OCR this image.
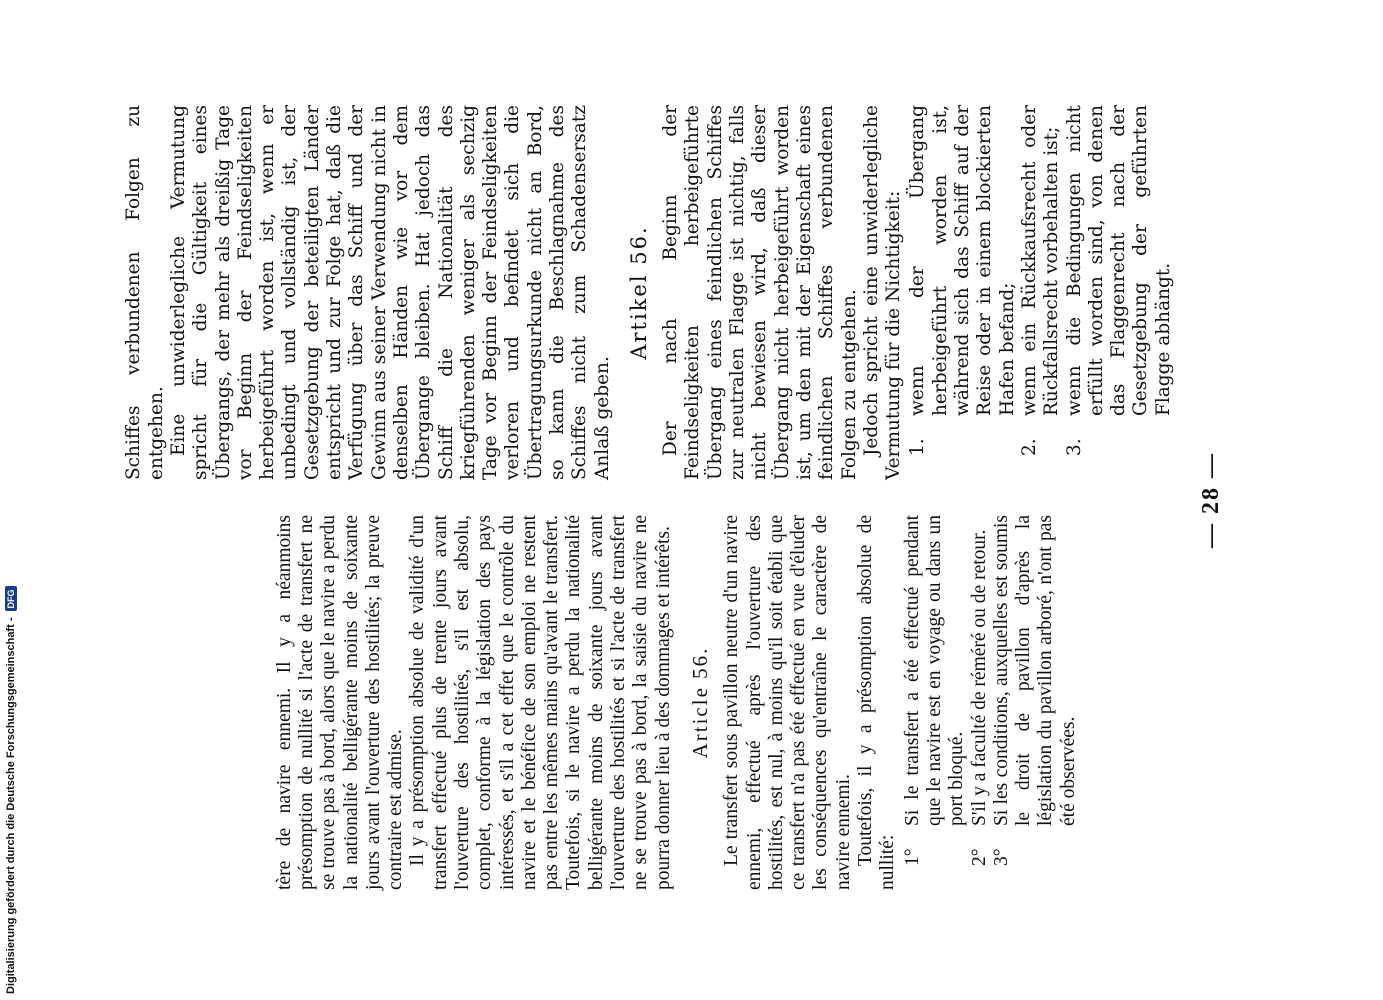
Digitalisierung gefördert durch die Deutsche Forschungsgemeinschaft -
DFG
— 28 —

tère de navire ennemi. Il y a néanmoins présomption de nullité si l'acte de transfert ne se trouve pas à bord, alors que le navire a perdu la nationalité belligérante moins de soixante jours avant l'ouverture des hostilités; la preuve contraire est admise. Il y a présomption absolue de validité d'un transfert effectué plus de trente jours avant l'ouverture des hostilités, s'il est absolu, complet, conforme à la législation des pays intéressés, et s'il a cet effet que le contrôle du navire et le bénéfice de son emploi ne restent pas entre les mêmes mains qu'avant le transfert. Toutefois, si le navire a perdu la nationalité belligérante moins de soixante jours avant l'ouverture des hostilités et si l'acte de transfert ne se trouve pas à bord, la saisie du navire ne pourra donner lieu à des dommages et intérêts. Article 56. Le transfert sous pavillon neutre d'un navire ennemi, effectué après l'ouverture des hostilités, est nul, à moins qu'il soit établi que ce transfert n'a pas été effectué en vue d'éluder les conséquences qu'entraîne le caractère de navire ennemi. Toutefois, il y a présomption absolue de nullité: 1°
Si le transfert a été effectué pendant que le navire est en voyage ou dans un port bloqué.
2°
S'il y a faculté de réméré ou de retour.
3°
Si les conditions, auxquelles est soumis le droit de pavillon d'après la législation du pavillon arboré, n'ont pas été observées.

Schiffes verbundenen Folgen zu entgehen. Eine unwiderlegliche Vermutung spricht für die Gültigkeit eines Übergangs, der mehr als dreißig Tage vor Beginn der Feindseligkeiten herbeigeführt worden ist, wenn er unbedingt und vollständig ist, der Gesetzgebung der beteiligten Länder entspricht und zur Folge hat, daß die Verfügung über das Schiff und der Gewinn aus seiner Verwendung nicht in denselben Händen wie vor dem Übergange bleiben. Hat jedoch das Schiff die Nationalität des kriegführenden weniger als sechzig Tage vor Beginn der Feindseligkeiten verloren und befindet sich die Übertragungsurkunde nicht an Bord, so kann die Beschlagnahme des Schiffes nicht zum Schadensersatz Anlaß geben.

Artikel 56. Der nach Beginn der Feindseligkeiten herbeigeführte Übergang eines feindlichen Schiffes zur neutralen Flagge ist nichtig, falls nicht bewiesen wird, daß dieser Übergang nicht herbeigeführt worden ist, um den mit der Eigenschaft eines feindlichen Schiffes verbundenen Folgen zu entgehen. Jedoch spricht eine unwiderlegliche Vermutung für die Nichtigkeit: 1.
wenn der Übergang herbeigeführt worden ist, während sich das Schiff auf der Reise oder in einem blockierten Hafen befand;
2.
wenn ein Rückkaufsrecht oder Rückfallsrecht vorbehalten ist;
3.
wenn die Bedingungen nicht erfüllt worden sind, von denen das Flaggenrecht nach der Gesetzgebung der geführten Flagge abhängt.
